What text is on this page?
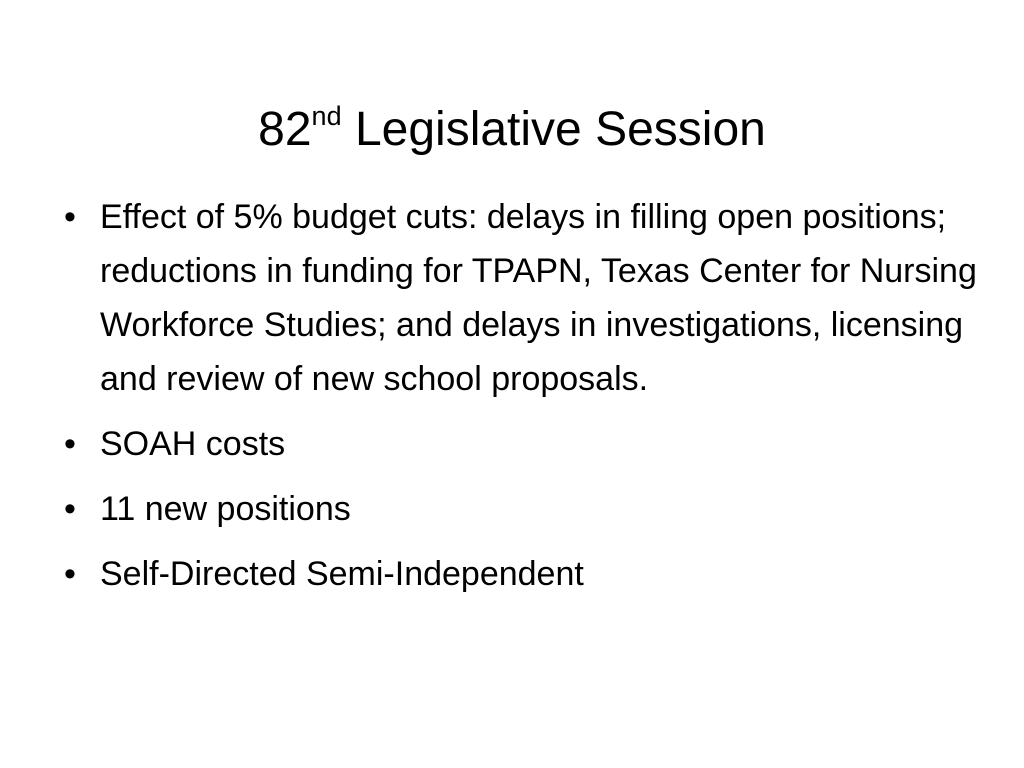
82nd Legislative Session
• Effect of 5% budget cuts: delays in filling open positions; reductions in funding for TPAPN, Texas Center for Nursing Workforce Studies; and delays in investigations, licensing and review of new school proposals.
• SOAH costs
• 11 new positions
• Self-Directed Semi-Independent
